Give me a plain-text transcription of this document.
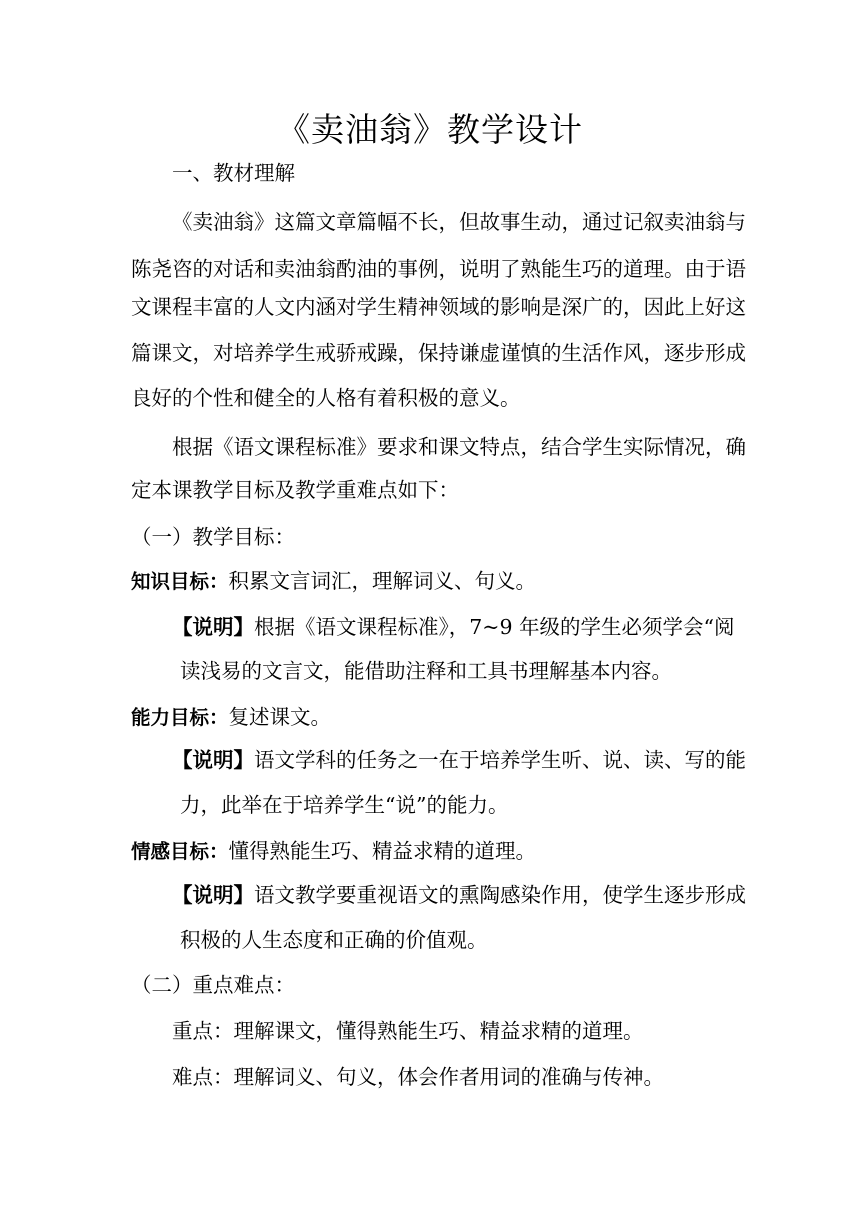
《卖油翁》教学设计
一、教材理解
《卖油翁》这篇文章篇幅不长，但故事生动，通过记叙卖油翁与
陈尧咨的对话和卖油翁酌油的事例，说明了熟能生巧的道理。由于语
文课程丰富的人文内涵对学生精神领域的影响是深广的，因此上好这
篇课文，对培养学生戒骄戒躁，保持谦虚谨慎的生活作风，逐步形成
良好的个性和健全的人格有着积极的意义。
根据《语文课程标准》要求和课文特点，结合学生实际情况，确
定本课教学目标及教学重难点如下：
（一）教学目标：
知识目标：积累文言词汇，理解词义、句义。
【说明】根据《语文课程标准》，7~9 年级的学生必须学会“阅
读浅易的文言文，能借助注释和工具书理解基本内容。
能力目标：复述课文。
【说明】语文学科的任务之一在于培养学生听、说、读、写的能
力，此举在于培养学生“说”的能力。
情感目标：懂得熟能生巧、精益求精的道理。
【说明】语文教学要重视语文的熏陶感染作用，使学生逐步形成
积极的人生态度和正确的价值观。
（二）重点难点：
重点：理解课文，懂得熟能生巧、精益求精的道理。
难点：理解词义、句义，体会作者用词的准确与传神。
